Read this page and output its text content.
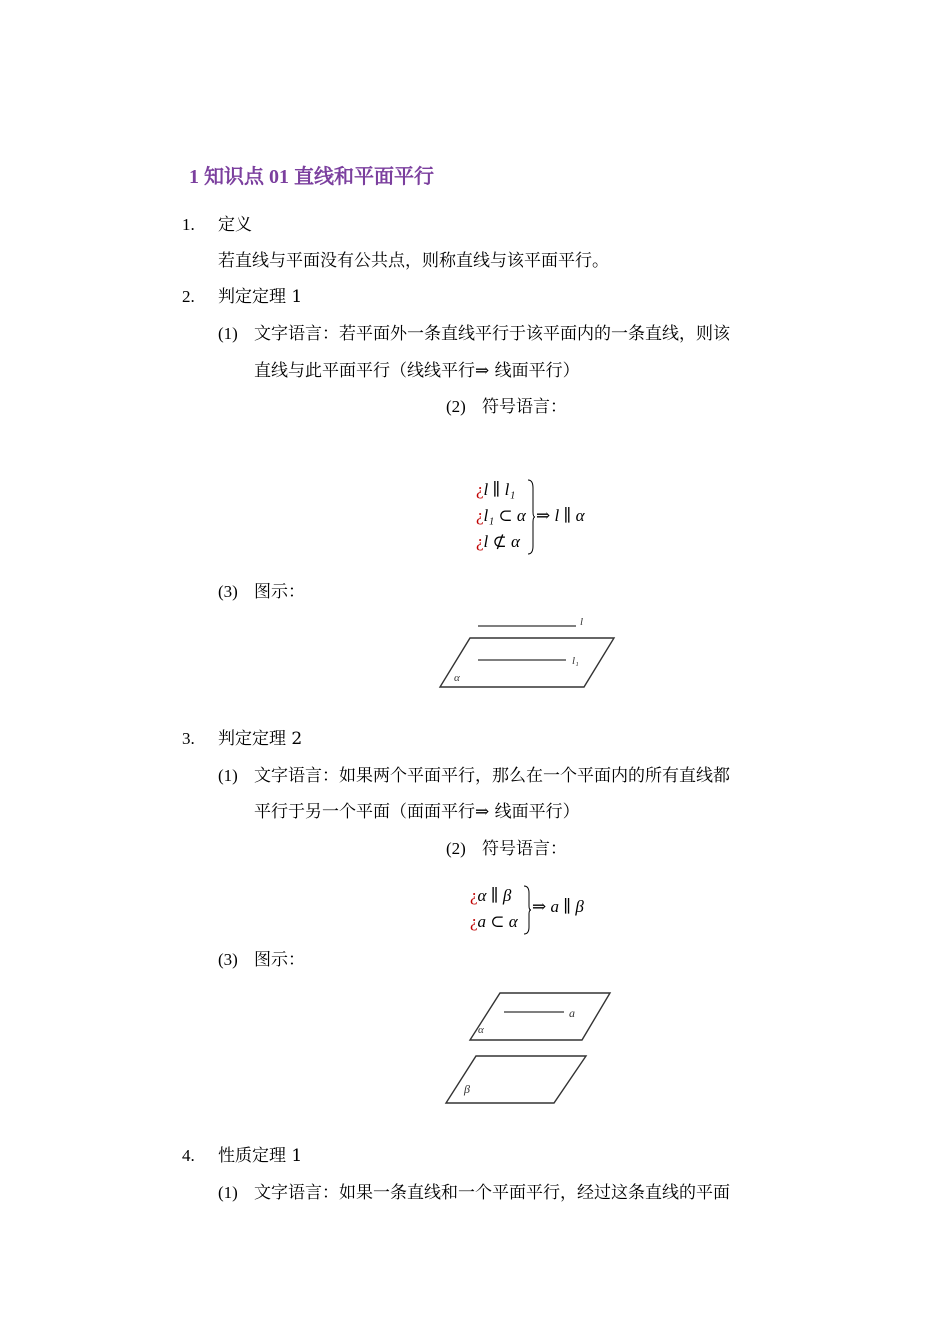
1 知识点 01 直线和平面平行
1. 定义
若直线与平面没有公共点，则称直线与该平面平行。
2. 判定定理 1
(1) 文字语言：若平面外一条直线平行于该平面内的一条直线，则该
直线与此平面平行（线线平行⇒ 线面平行）
(2) 符号语言：
¿l ∥ l₁
¿l₁ ⊂ α
¿l ⊄ α
⇒ l ∥ α
(3) 图示：
l
l₁
α
3. 判定定理 2
(1) 文字语言：如果两个平面平行，那么在一个平面内的所有直线都
平行于另一个平面（面面平行⇒ 线面平行）
(2) 符号语言：
¿α ∥ β
¿a ⊂ α
⇒ a ∥ β
(3) 图示：
a
α
β
4. 性质定理 1
(1) 文字语言：如果一条直线和一个平面平行，经过这条直线的平面
